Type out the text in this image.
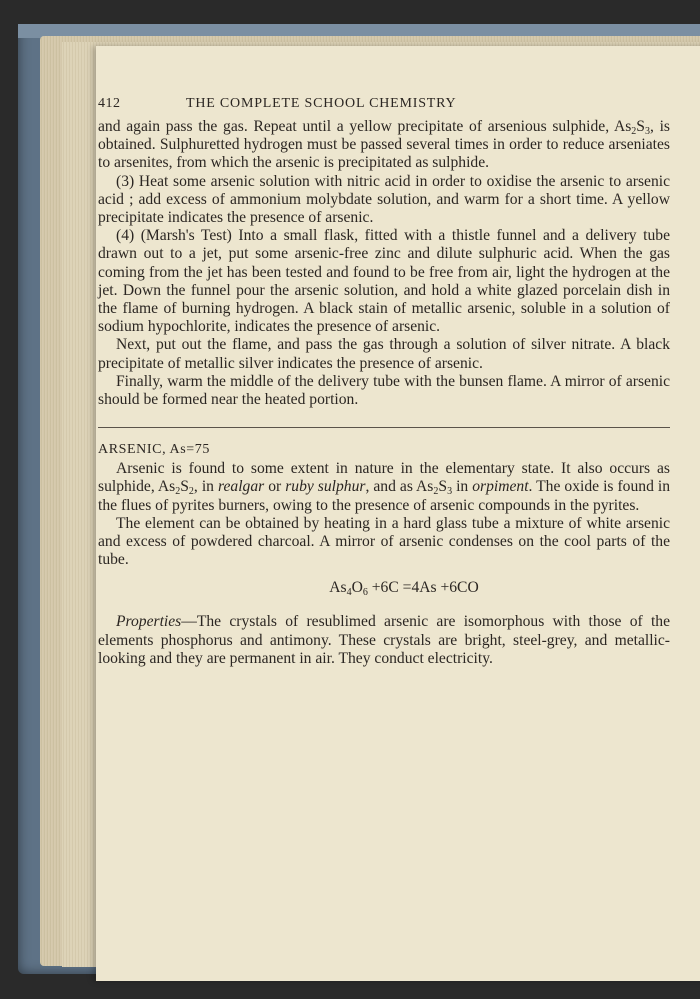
412	THE COMPLETE SCHOOL CHEMISTRY

and again pass the gas. Repeat until a yellow precipitate of arsenious sulphide, $As_2S_3$, is obtained. Sulphuretted hydrogen must be passed several times in order to reduce arseniates to arsenites, from which the arsenic is precipitated as sulphide.

(3) Heat some arsenic solution with nitric acid in order to oxidise the arsenic to arsenic acid ; add excess of ammonium molybdate solution, and warm for a short time. A yellow precipitate indicates the presence of arsenic.

(4) (Marsh's Test) Into a small flask, fitted with a thistle funnel and a delivery tube drawn out to a jet, put some arsenic-free zinc and dilute sulphuric acid. When the gas coming from the jet has been tested and found to be free from air, light the hydrogen at the jet. Down the funnel pour the arsenic solution, and hold a white glazed porcelain dish in the flame of burning hydrogen. A black stain of metallic arsenic, soluble in a solution of sodium hypochlorite, indicates the presence of arsenic.

Next, put out the flame, and pass the gas through a solution of silver nitrate. A black precipitate of metallic silver indicates the presence of arsenic.

Finally, warm the middle of the delivery tube with the bunsen flame. A mirror of arsenic should be formed near the heated portion.

ARSENIC, As=75

Arsenic is found to some extent in nature in the elementary state. It also occurs as sulphide, $As_2S_2$, in realgar or ruby sulphur, and as $As_2S_3$ in orpiment. The oxide is found in the flues of pyrites burners, owing to the presence of arsenic compounds in the pyrites.

The element can be obtained by heating in a hard glass tube a mixture of white arsenic and excess of powdered charcoal. A mirror of arsenic condenses on the cool parts of the tube.

$As_4O_6 +6C =4As +6CO$

Properties—The crystals of resublimed arsenic are isomorphous with those of the elements phosphorus and antimony. These crystals are bright, steel-grey, and metallic-looking and they are permanent in air. They conduct electricity.
